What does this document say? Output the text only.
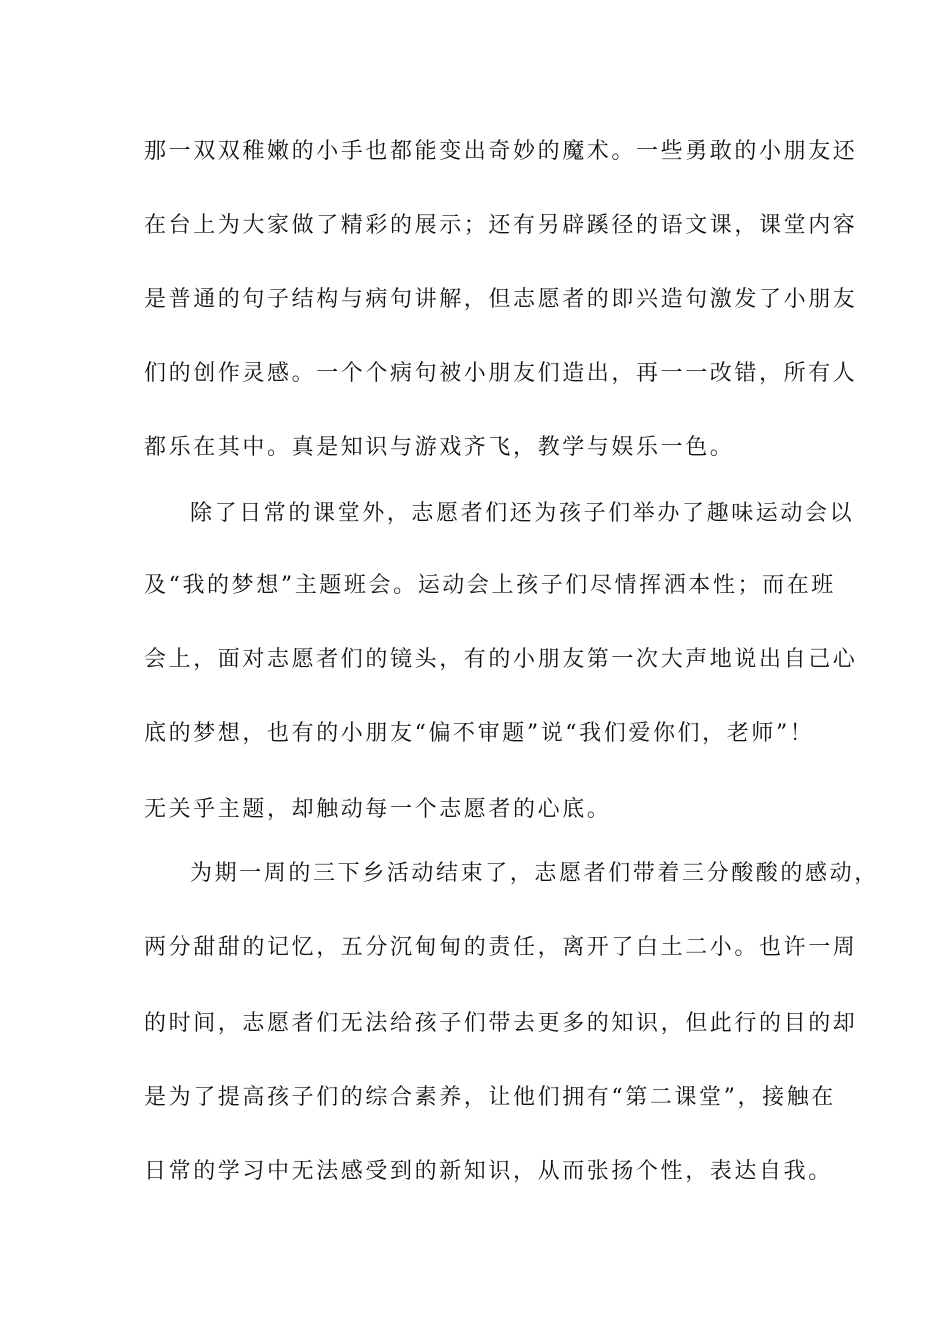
那一双双稚嫩的小手也都能变出奇妙的魔术。一些勇敢的小朋友还
在台上为大家做了精彩的展示；还有另辟蹊径的语文课，课堂内容
是普通的句子结构与病句讲解，但志愿者的即兴造句激发了小朋友
们的创作灵感。一个个病句被小朋友们造出，再一一改错，所有人
都乐在其中。真是知识与游戏齐飞，教学与娱乐一色。
除了日常的课堂外，志愿者们还为孩子们举办了趣味运动会以
及“我的梦想”主题班会。运动会上孩子们尽情挥洒本性；而在班
会上，面对志愿者们的镜头，有的小朋友第一次大声地说出自己心
底的梦想，也有的小朋友“偏不审题”说“我们爱你们，老师”！
无关乎主题，却触动每一个志愿者的心底。
为期一周的三下乡活动结束了，志愿者们带着三分酸酸的感动，
两分甜甜的记忆，五分沉甸甸的责任，离开了白土二小。也许一周
的时间，志愿者们无法给孩子们带去更多的知识，但此行的目的却
是为了提高孩子们的综合素养，让他们拥有“第二课堂”，接触在
日常的学习中无法感受到的新知识，从而张扬个性，表达自我。
